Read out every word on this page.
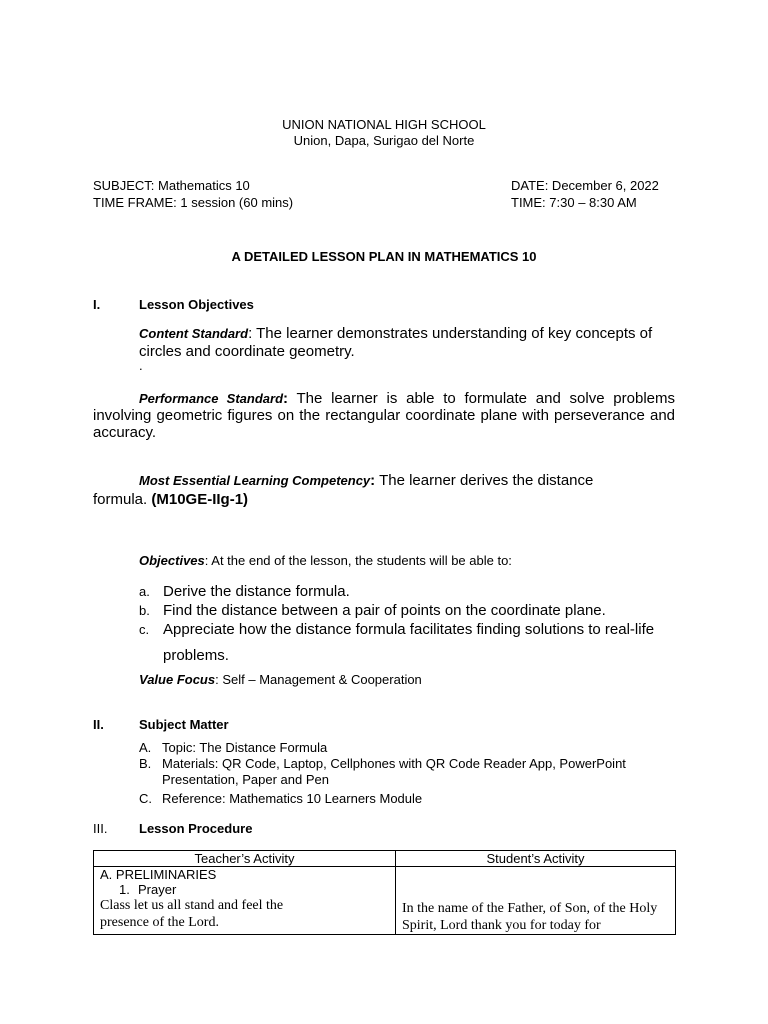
UNION NATIONAL HIGH SCHOOL
Union, Dapa, Surigao del Norte
SUBJECT: Mathematics 10
TIME FRAME: 1 session (60 mins)
DATE: December 6, 2022
TIME: 7:30 – 8:30 AM
A DETAILED LESSON PLAN IN MATHEMATICS 10
I.	Lesson Objectives
Content Standard: The learner demonstrates understanding of key concepts of circles and coordinate geometry.
.
Performance Standard: The learner is able to formulate and solve problems involving geometric figures on the rectangular coordinate plane with perseverance and accuracy.
Most Essential Learning Competency: The learner derives the distance formula. (M10GE-IIg-1)
Objectives: At the end of the lesson, the students will be able to:
a. Derive the distance formula.
b. Find the distance between a pair of points on the coordinate plane.
c. Appreciate how the distance formula facilitates finding solutions to real-life
problems.
Value Focus: Self – Management & Cooperation
II.	Subject Matter
A. Topic: The Distance Formula
B. Materials: QR Code, Laptop, Cellphones with QR Code Reader App, PowerPoint Presentation, Paper and Pen
C. Reference: Mathematics 10 Learners Module
III. Lesson Procedure
Teacher’s Activity	Student’s Activity

A. PRELIMINARIES
1. Prayer
Class let us all stand and feel the presence of the Lord.	In the name of the Father, of Son, of the Holy Spirit, Lord thank you for today for
